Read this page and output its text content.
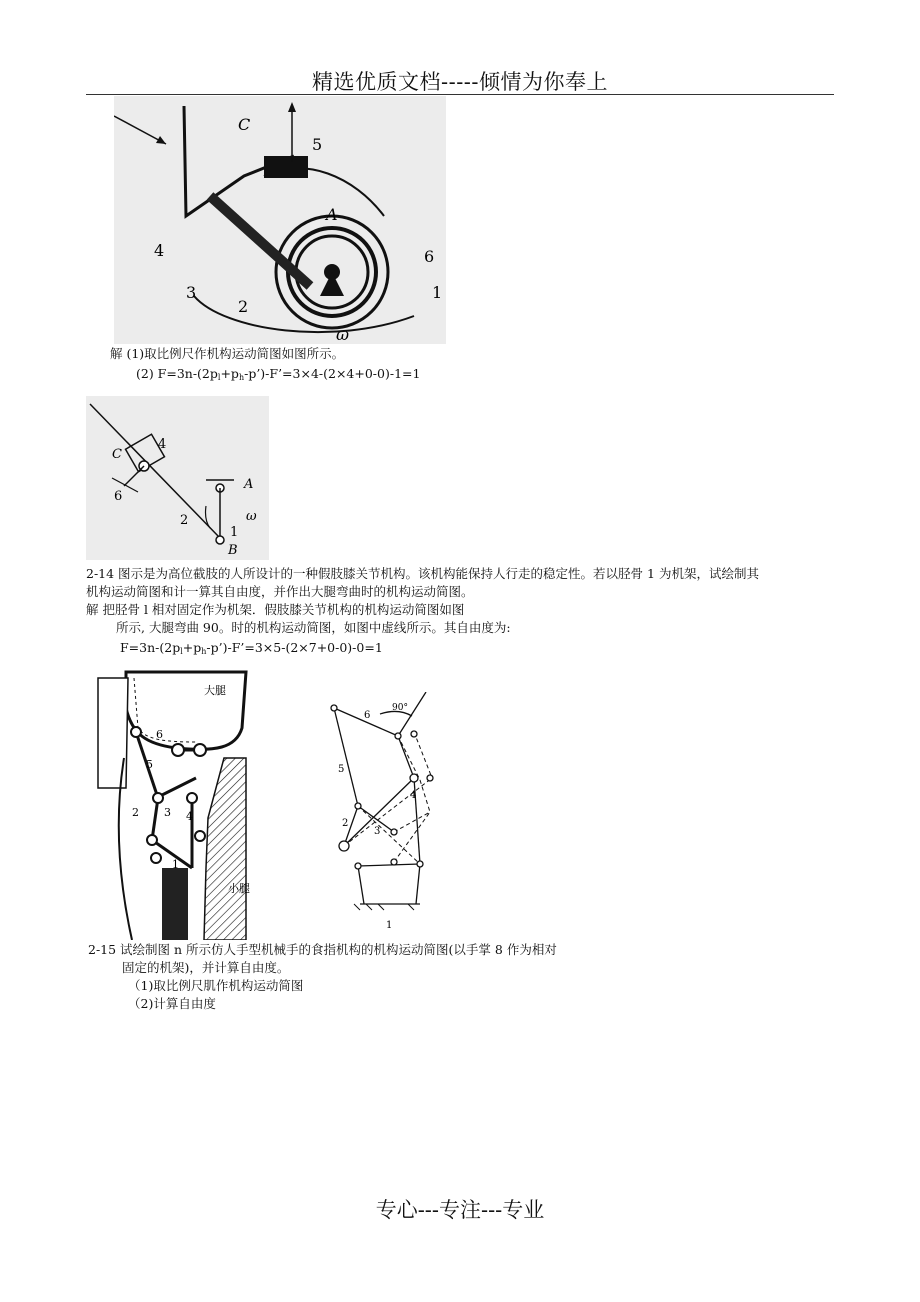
精选优质文档-----倾情为你奉上
C
5
A
4	6
3	1
2
ω
解 (1)取比例尺作机构运动简图如图所示。
(2) $F=3n-(2p_l+p_h-p’)-F’=3\times 4-(2\times 4+0-0)-1=1$
4
C
A
6
2	ω
1
B
2-14 图示是为高位截肢的人所设计的一种假肢膝关节机构。该机构能保持人行走的稳定性。若以胫骨 1 为机架，试绘制其
机构运动简图和计一算其自由度，并作出大腿弯曲时的机构运动简图。
解 把胫骨 l 相对固定作为机架．假肢膝关节机构的机构运动简图如图
所示, 大腿弯曲 90。时的机构运动简图，如图中虚线所示。其自由度为:
$F=3n-(2p_l+p_h-p’)-F’=3\times 5-(2\times 7+0-0)-0=1$
大腿
6
5
2 3 4
1
小腿
6
90°
5
4
2
3
1
2-15 试绘制图 n 所示仿人手型机械手的食指机构的机构运动简图(以手掌 8 作为相对
固定的机架)，并计算自由度。
（1)取比例尺肌作机构运动简图
（2)计算自由度
专心---专注---专业
